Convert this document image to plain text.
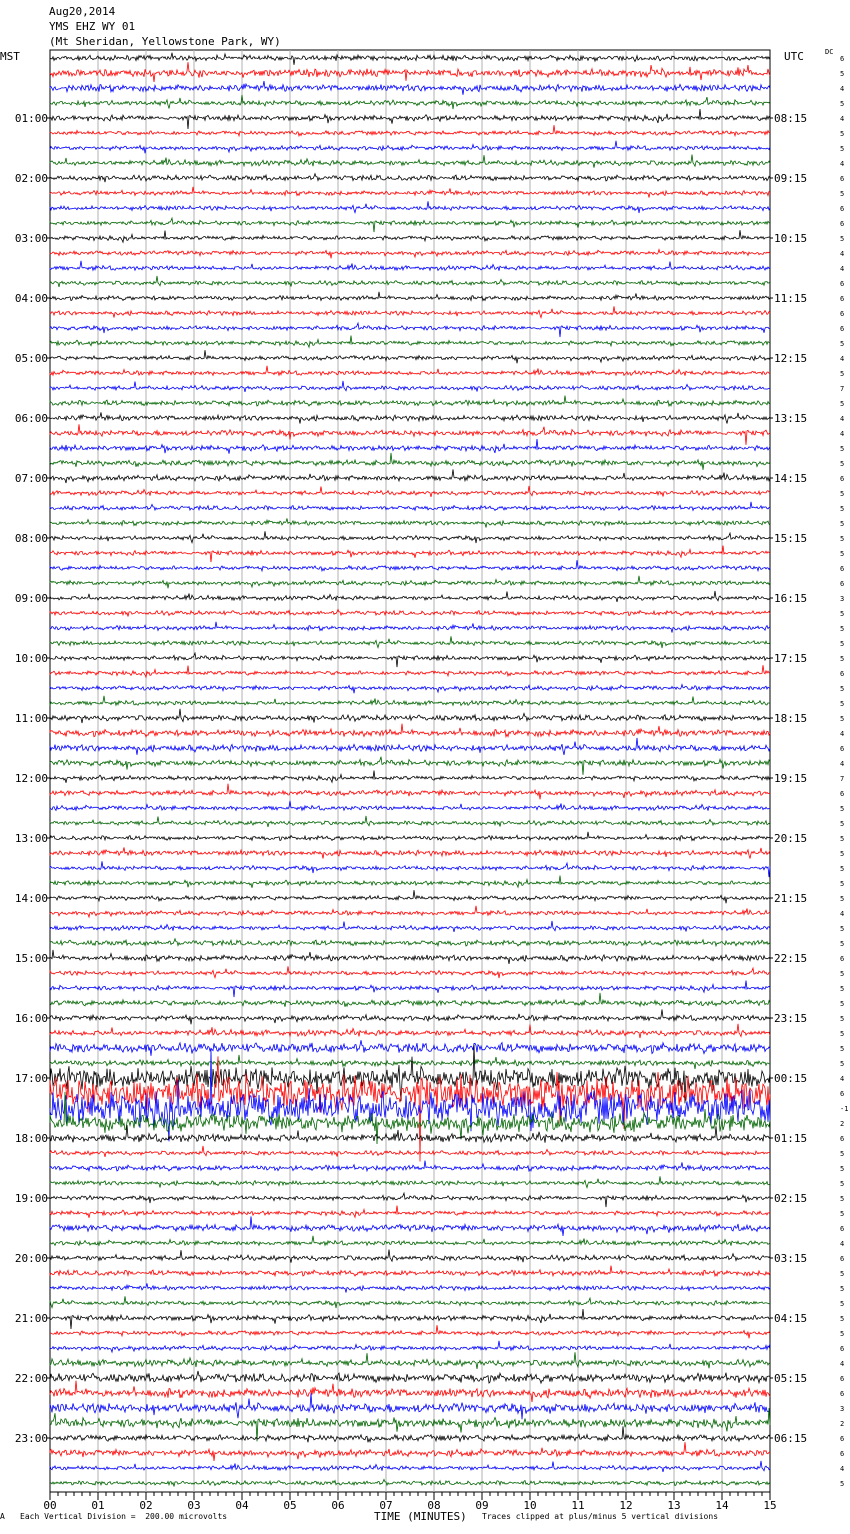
Aug20,2014
YMS EHZ WY 01
(Mt Sheridan, Yellowstone Park, WY)
MST	UTC	DC
6
5
4
5
4
5
5
4
6
5
6
6
5
4
4
6
6
6
6
5
4
5
7
5
4
4
5
5
6
5
5
5
5
5
6
6
3
5
5
5
5
6
5
5
5
4
6
4
7
6
5
5
5
5
5
5
5
4
5
5
6
5
5
5
5
5
5
5
4
6
-1
2
6
5
5
5
5
5
6
4
6
5
5
5
5
5
6
4
6
6
3
2
6
6
4
5
01:00
02:00
03:00
04:00
05:00
06:00
07:00
08:00
09:00
10:00
11:00
12:00
13:00
14:00
15:00
16:00
17:00
18:00
19:00
20:00
21:00
22:00
23:00
08:15
09:15
10:15
11:15
12:15
13:15
14:15
15:15
16:15
17:15
18:15
19:15
20:15
21:15
22:15
23:15
00:15
01:15
02:15
03:15
04:15
05:15
06:15
00	01	02	03	04	05	06	07	08	09	10	11	12	13	14	15
A Each Vertical Division =  200.00 microvolts	TIME (MINUTES) Traces clipped at plus/minus 5 vertical divisions
